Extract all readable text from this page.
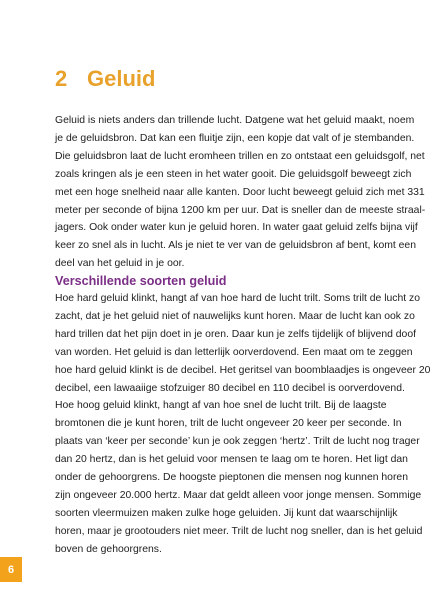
2 Geluid
Geluid is niets anders dan trillende lucht. Datgene wat het geluid maakt, noem
je de geluidsbron. Dat kan een fluitje zijn, een kopje dat valt of je stembanden.
Die geluidsbron laat de lucht eromheen trillen en zo ontstaat een geluidsgolf, net
zoals kringen als je een steen in het water gooit. Die geluidsgolf beweegt zich
met een hoge snelheid naar alle kanten. Door lucht beweegt geluid zich met 331
meter per seconde of bijna 1200 km per uur. Dat is sneller dan de meeste straal-
jagers. Ook onder water kun je geluid horen. In water gaat geluid zelfs bijna vijf
keer zo snel als in lucht. Als je niet te ver van de geluidsbron af bent, komt een
deel van het geluid in je oor.
Verschillende soorten geluid
Hoe hard geluid klinkt, hangt af van hoe hard de lucht trilt. Soms trilt de lucht zo
zacht, dat je het geluid niet of nauwelijks kunt horen. Maar de lucht kan ook zo
hard trillen dat het pijn doet in je oren. Daar kun je zelfs tijdelijk of blijvend doof
van worden. Het geluid is dan letterlijk oorverdovend. Een maat om te zeggen
hoe hard geluid klinkt is de decibel. Het geritsel van boomblaadjes is ongeveer 20
decibel, een lawaaiige stofzuiger 80 decibel en 110 decibel is oorverdovend.
Hoe hoog geluid klinkt, hangt af van hoe snel de lucht trilt. Bij de laagste
bromtonen die je kunt horen, trilt de lucht ongeveer 20 keer per seconde. In
plaats van ‘keer per seconde’ kun je ook zeggen ‘hertz’. Trilt de lucht nog trager
dan 20 hertz, dan is het geluid voor mensen te laag om te horen. Het ligt dan
onder de gehoorgrens. De hoogste pieptonen die mensen nog kunnen horen
zijn ongeveer 20.000 hertz. Maar dat geldt alleen voor jonge mensen. Sommige
soorten vleermuizen maken zulke hoge geluiden. Jij kunt dat waarschijnlijk
horen, maar je grootouders niet meer. Trilt de lucht nog sneller, dan is het geluid
boven de gehoorgrens.
6
